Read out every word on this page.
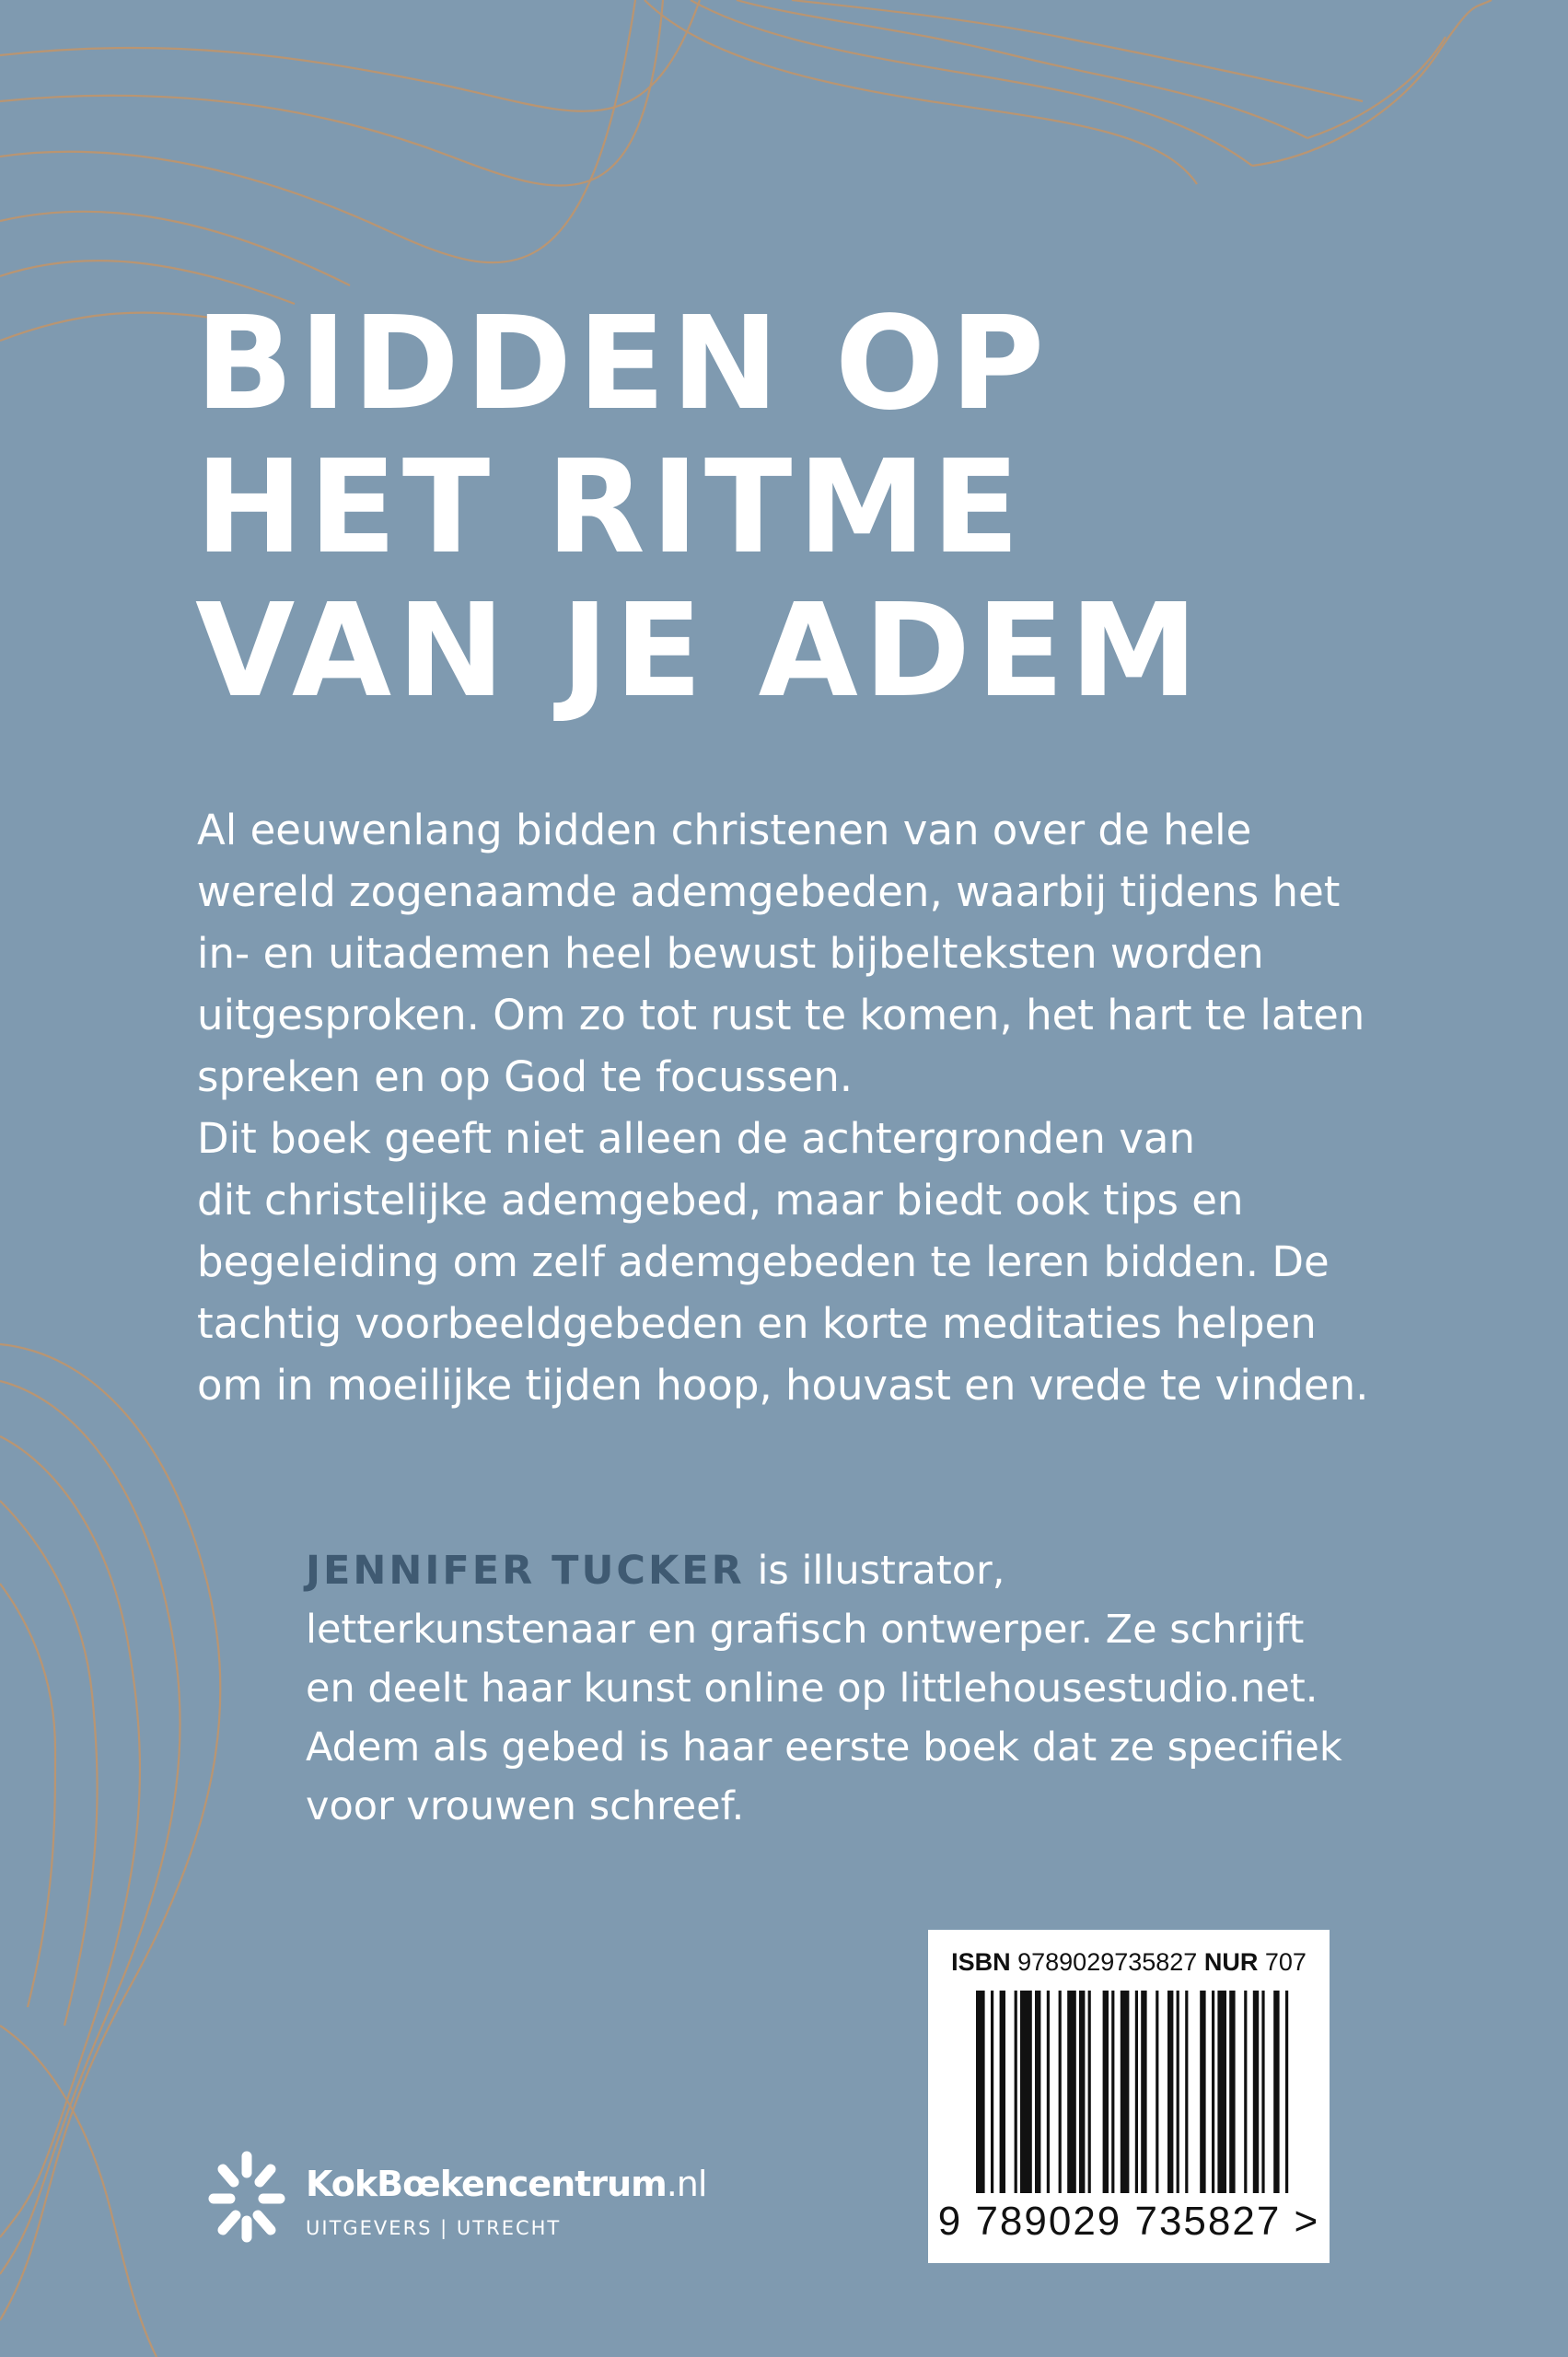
BIDDEN OP
HET RITME
VAN JE ADEM
Al eeuwenlang bidden christenen van over de hele
wereld zogenaamde ademgebeden, waarbij tijdens het
in- en uitademen heel bewust bijbelteksten worden
uitgesproken. Om zo tot rust te komen, het hart te laten
spreken en op God te focussen.
Dit boek geeft niet alleen de achtergronden van
dit christelijke ademgebed, maar biedt ook tips en
begeleiding om zelf ademgebeden te leren bidden. De
tachtig voorbeeldgebeden en korte meditaties helpen
om in moeilijke tijden hoop, houvast en vrede te vinden.
JENNIFER TUCKER is illustrator,
letterkunstenaar en grafisch ontwerper. Ze schrijft
en deelt haar kunst online op littlehousestudio.net.
Adem als gebed is haar eerste boek dat ze specifiek
voor vrouwen schreef.
KokBœkencentrum.nl
UITGEVERS | UTRECHT
ISBN 9789029735827 NUR 707
9 789029 735827 >
